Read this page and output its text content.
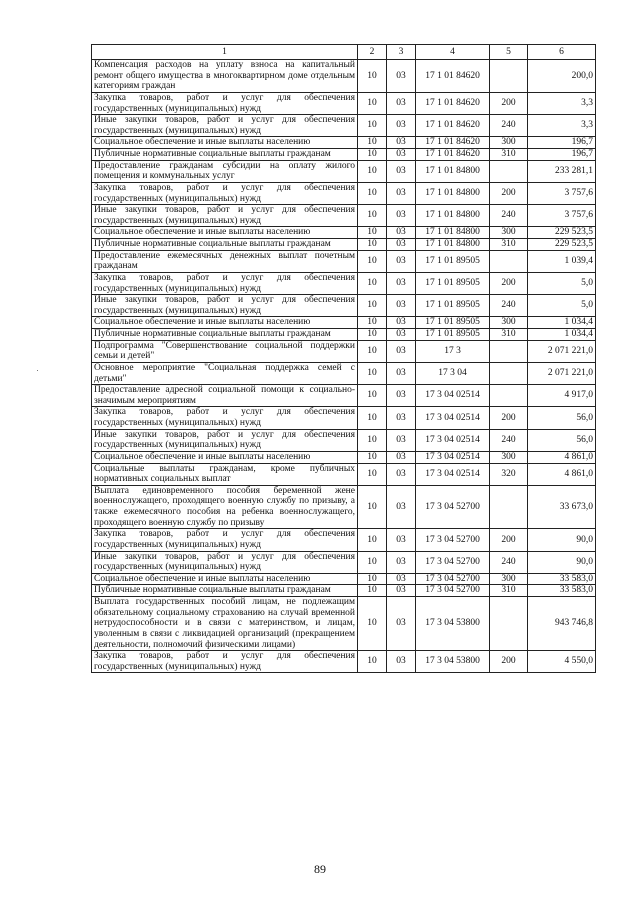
1	2	3	4	5	6
Компенсация расходов на уплату взноса на капитальный ремонт общего имущества в многоквартирном доме отдельным категориям граждан	10	03	17 1 01 84620		200,0
Закупка товаров, работ и услуг для обеспечения государственных (муниципальных) нужд	10	03	17 1 01 84620	200	3,3
Иные закупки товаров, работ и услуг для обеспечения государственных (муниципальных) нужд	10	03	17 1 01 84620	240	3,3
Социальное обеспечение и иные выплаты населению	10	03	17 1 01 84620	300	196,7
Публичные нормативные социальные выплаты гражданам	10	03	17 1 01 84620	310	196,7
Предоставление гражданам субсидии на оплату жилого помещения и коммунальных услуг	10	03	17 1 01 84800		233 281,1
Закупка товаров, работ и услуг для обеспечения государственных (муниципальных) нужд	10	03	17 1 01 84800	200	3 757,6
Иные закупки товаров, работ и услуг для обеспечения государственных (муниципальных) нужд	10	03	17 1 01 84800	240	3 757,6
Социальное обеспечение и иные выплаты населению	10	03	17 1 01 84800	300	229 523,5
Публичные нормативные социальные выплаты гражданам	10	03	17 1 01 84800	310	229 523,5
Предоставление ежемесячных денежных выплат почетным гражданам	10	03	17 1 01 89505		1 039,4
Закупка товаров, работ и услуг для обеспечения государственных (муниципальных) нужд	10	03	17 1 01 89505	200	5,0
Иные закупки товаров, работ и услуг для обеспечения государственных (муниципальных) нужд	10	03	17 1 01 89505	240	5,0
Социальное обеспечение и иные выплаты населению	10	03	17 1 01 89505	300	1 034,4
Публичные нормативные социальные выплаты гражданам	10	03	17 1 01 89505	310	1 034,4
Подпрограмма "Совершенствование социальной поддержки семьи и детей"	10	03	17 3		2 071 221,0
Основное мероприятие "Социальная поддержка семей с детьми"	10	03	17 3 04		2 071 221,0
Предоставление адресной социальной помощи к социально-значимым мероприятиям	10	03	17 3 04 02514		4 917,0
Закупка товаров, работ и услуг для обеспечения государственных (муниципальных) нужд	10	03	17 3 04 02514	200	56,0
Иные закупки товаров, работ и услуг для обеспечения государственных (муниципальных) нужд	10	03	17 3 04 02514	240	56,0
Социальное обеспечение и иные выплаты населению	10	03	17 3 04 02514	300	4 861,0
Социальные выплаты гражданам, кроме публичных нормативных социальных выплат	10	03	17 3 04 02514	320	4 861,0
Выплата единовременного пособия беременной жене военнослужащего, проходящего военную службу по призыву, а также ежемесячного пособия на ребенка военнослужащего, проходящего военную службу по призыву	10	03	17 3 04 52700		33 673,0
Закупка товаров, работ и услуг для обеспечения государственных (муниципальных) нужд	10	03	17 3 04 52700	200	90,0
Иные закупки товаров, работ и услуг для обеспечения государственных (муниципальных) нужд	10	03	17 3 04 52700	240	90,0
Социальное обеспечение и иные выплаты населению	10	03	17 3 04 52700	300	33 583,0
Публичные нормативные социальные выплаты гражданам	10	03	17 3 04 52700	310	33 583,0
Выплата государственных пособий лицам, не подлежащим обязательному социальному страхованию на случай временной нетрудоспособности и в связи с материнством, и лицам, уволенным в связи с ликвидацией организаций (прекращением деятельности, полномочий физическими лицами)	10	03	17 3 04 53800		943 746,8
Закупка товаров, работ и услуг для обеспечения государственных (муниципальных) нужд	10	03	17 3 04 53800	200	4 550,0
89
